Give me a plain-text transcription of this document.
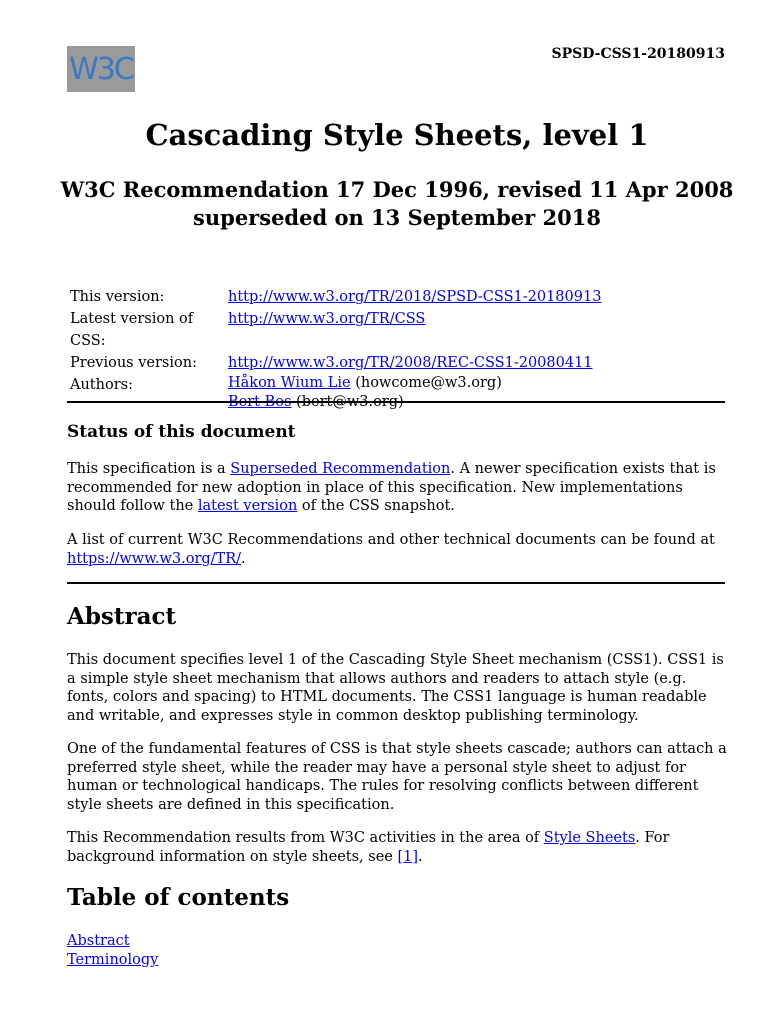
W3C	SPSD-CSS1-20180913
Cascading Style Sheets, level 1
W3C Recommendation 17 Dec 1996, revised 11 Apr 2008
superseded on 13 September 2018
This version:	http://www.w3.org/TR/2018/SPSD-CSS1-20180913
Latest version of CSS:	http://www.w3.org/TR/CSS
Previous version:	http://www.w3.org/TR/2008/REC-CSS1-20080411
Authors:	Håkon Wium Lie (howcome@w3.org)
Bert Bos (bert@w3.org)
Status of this document

This specification is a Superseded Recommendation. A newer specification exists that is recommended for new adoption in place of this specification. New implementations should follow the latest version of the CSS snapshot.

A list of current W3C Recommendations and other technical documents can be found at https://www.w3.org/TR/.

Abstract

This document specifies level 1 of the Cascading Style Sheet mechanism (CSS1). CSS1 is a simple style sheet mechanism that allows authors and readers to attach style (e.g. fonts, colors and spacing) to HTML documents. The CSS1 language is human readable and writable, and expresses style in common desktop publishing terminology.

One of the fundamental features of CSS is that style sheets cascade; authors can attach a preferred style sheet, while the reader may have a personal style sheet to adjust for human or technological handicaps. The rules for resolving conflicts between different style sheets are defined in this specification.

This Recommendation results from W3C activities in the area of Style Sheets. For background information on style sheets, see [1].

Table of contents
Abstract
Terminology
